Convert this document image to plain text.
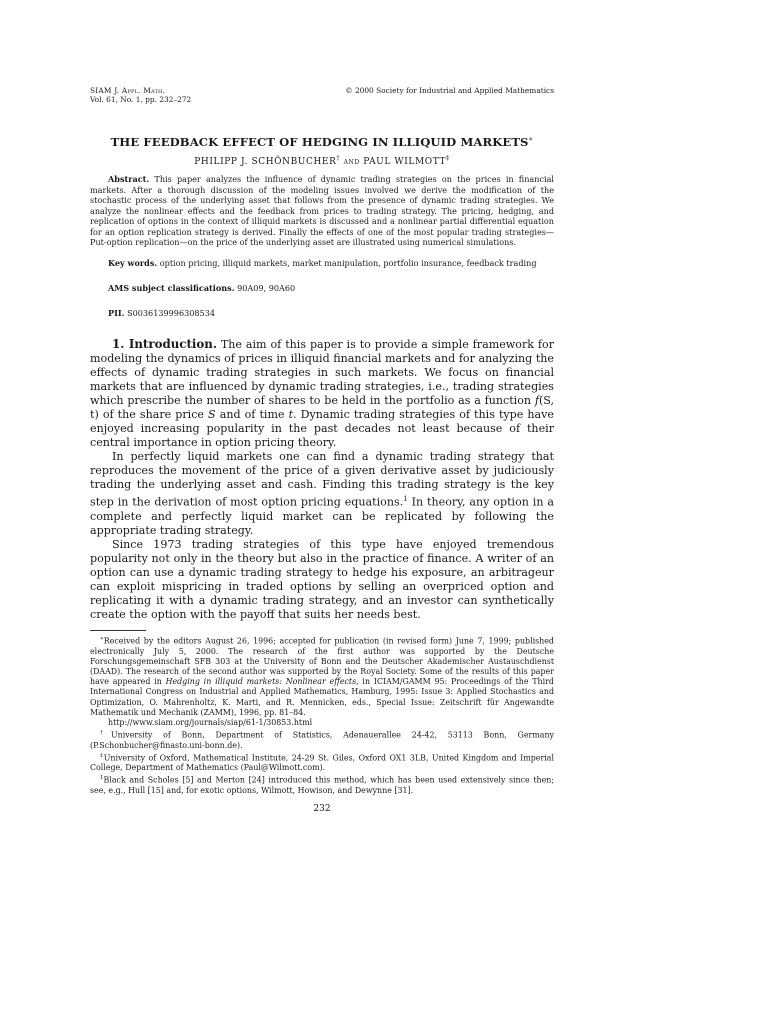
SIAM J. Appl. Math.
Vol. 61, No. 1, pp. 232–272
© 2000 Society for Industrial and Applied Mathematics
THE FEEDBACK EFFECT OF HEDGING IN ILLIQUID MARKETS∗
PHILIPP J. SCHÖNBUCHER† and PAUL WILMOTT‡
Abstract. This paper analyzes the influence of dynamic trading strategies on the prices in financial markets. After a thorough discussion of the modeling issues involved we derive the modification of the stochastic process of the underlying asset that follows from the presence of dynamic trading strategies. We analyze the nonlinear effects and the feedback from prices to trading strategy. The pricing, hedging, and replication of options in the context of illiquid markets is discussed and a nonlinear partial differential equation for an option replication strategy is derived. Finally the effects of one of the most popular trading strategies—Put-option replication—on the price of the underlying asset are illustrated using numerical simulations.
Key words. option pricing, illiquid markets, market manipulation, portfolio insurance, feedback trading
AMS subject classifications. 90A09, 90A60
PII. S0036139996308534

1. Introduction. The aim of this paper is to provide a simple framework for modeling the dynamics of prices in illiquid financial markets and for analyzing the effects of dynamic trading strategies in such markets. We focus on financial markets that are influenced by dynamic trading strategies, i.e., trading strategies which prescribe the number of shares to be held in the portfolio as a function f(S, t) of the share price S and of time t. Dynamic trading strategies of this type have enjoyed increasing popularity in the past decades not least because of their central importance in option pricing theory.

In perfectly liquid markets one can find a dynamic trading strategy that reproduces the movement of the price of a given derivative asset by judiciously trading the underlying asset and cash. Finding this trading strategy is the key step in the derivation of most option pricing equations.$^1$ In theory, any option in a complete and perfectly liquid market can be replicated by following the appropriate trading strategy.

Since 1973 trading strategies of this type have enjoyed tremendous popularity not only in the theory but also in the practice of finance. A writer of an option can use a dynamic trading strategy to hedge his exposure, an arbitrageur can exploit mispricing in traded options by selling an overpriced option and replicating it with a dynamic trading strategy, and an investor can synthetically create the option with the payoff that suits her needs best.

∗Received by the editors August 26, 1996; accepted for publication (in revised form) June 7, 1999; published electronically July 5, 2000. The research of the first author was supported by the Deutsche Forschungsgemeinschaft SFB 303 at the University of Bonn and the Deutscher Akademischer Austauschdienst (DAAD). The research of the second author was supported by the Royal Society. Some of the results of this paper have appeared in Hedging in illiquid markets: Nonlinear effects, in ICIAM/GAMM 95: Proceedings of the Third International Congress on Industrial and Applied Mathematics, Hamburg, 1995: Issue 3: Applied Stochastics and Optimization, O. Mahrenholtz, K. Marti, and R. Mennicken, eds., Special Issue: Zeitschrift für Angewandte Mathematik und Mechanik (ZAMM), 1996, pp. 81–84.

http://www.siam.org/journals/siap/61-1/30853.html

†University of Bonn, Department of Statistics, Adenauerallee 24-42, 53113 Bonn, Germany (P.Schonbucher@finasto.uni-bonn.de).

‡University of Oxford, Mathematical Institute, 24-29 St. Giles, Oxford OX1 3LB, United Kingdom and Imperial College, Department of Mathematics (Paul@Wilmott.com).

$^1$Black and Scholes [5] and Merton [24] introduced this method, which has been used extensively since then; see, e.g., Hull [15] and, for exotic options, Wilmott, Howison, and Dewynne [31].

232
